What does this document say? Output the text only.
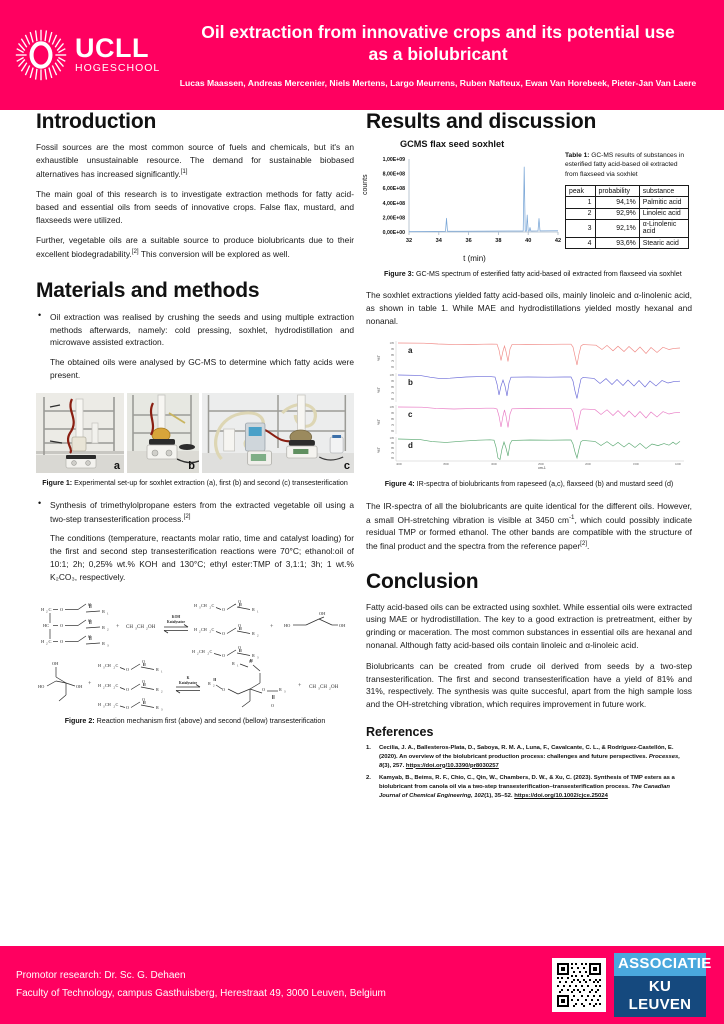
UCLL
HOGESCHOOL
Oil extraction from innovative crops and its potential use as a biolubricant
Lucas Maassen, Andreas Mercenier, Niels Mertens, Largo Meurrens, Ruben Nafteux, Ewan Van Horebeek, Pieter-Jan Van Laere
Introduction

Fossil sources are the most common source of fuels and chemicals, but it's an exhaustible unsustainable resource. The demand for sustainable biobased alternatives has increased significantly.[1]

The main goal of this research is to investigate extraction methods for fatty acid-based and essential oils from seeds of innovative crops. False flax, mustard, and flaxseeds were utilized.

Further, vegetable oils are a suitable source to produce biolubricants due to their excellent biodegradability.[2] This conversion will be explored as well.

Materials and methods

• Oil extraction was realised by crushing the seeds and using multiple extraction methods afterwards, namely: cold pressing, soxhlet, hydrodistillation and microwave assisted extraction.

The obtained oils were analysed by GC-MS to determine which fatty acids were present.

a	b	c
Figure 1: Experimental set-up for soxhlet extraction (a), first (b) and second (c) transesterification

• Synthesis of trimethylolpropane esters from the extracted vegetable oil using a two-step transesterification process.[2]

The conditions (temperature, reactants molar ratio, time and catalyst loading) for the first and second step transesterification reactions were 70°C; ethanol:oil of 10:1; 2h; 0,25% wt.% KOH and 130°C; ethyl ester:TMP of 3,1:1; 3h; 1 wt.% K₂CO₃, respectively.

H 2 C
HC
H 2 C
O
O
O
O
O
O
R 1
R 2
R 3
+ CH 3 CH 2 OH
KOH
Katalysator
H 3 CH 2 C
O
O
R 1
H 2 CH 2 C
O
O
R 2
H 2 CH 2 C
O
O
R 3
+ HO
OH
OH
OH
HO	OH +
H 3 CH 2 C
O
O
R 1
H 2 CH 2 C
O
O
R 2
H 3 CH 2 C
O
O
R 3
K
Katalysator
R 1
O
R 2
O	O	R 3
O
+ CH 3 CH 2 OH
Figure 2: Reaction mechanism first (above) and second (bellow) transesterification
Results and discussion
GCMS flax seed soxhlet
counts
1,00E+09
8,00E+08
6,00E+08
4,00E+08
2,00E+08
0,00E+00
32	34	36	38	40	42
t (min)
Table 1: GC-MS results of substances in esterified fatty acid-based oil extracted from flaxseed via soxhlet
peak	probability	substance
1	94,1%	Palmitic acid
2	92,9%	Linoleic acid
3	92,1%	α-Linolenic acid
4	93,6%	Stearic acid
Figure 3: GC-MS spectrum of esterified fatty acid-based oil extracted from flaxseed via soxhlet

The soxhlet extractions yielded fatty acid-based oils, mainly linoleic and α-linolenic acid, as shown in table 1. While MAE and hydrodistillations yielded mostly hexanal and nonanal.

%T
105
95
85
75
65
a
%T
105
95
85
75
65
b
%T
105
95
85
75
65
c
%T
105
95
85
75
65
d
4000	3500	3000	2500	2000	1500	1000
cm-1
Figure 4: IR-spectra of biolubricants from rapeseed (a,c), flaxseed (b) and mustard seed (d)

The IR-spectra of all the biolubricants are quite identical for the different oils. However, a small OH-stretching vibration is visible at 3450 $cm^{-1}$, which could possibly indicate residual TMP or formed ethanol. The other bands are compatible with the structure of the final product and the spectra from the reference paper[2].

Conclusion

Fatty acid-based oils can be extracted using soxhlet. While essential oils were extracted using MAE or hydrodistillation. The key to a good extraction is pretreatment, either by grinding or maceration. The most common substances in essential oils are hexanal and nonanal. Although fatty acid-based oils contain linoleic and α-linoleic acid.

Biolubricants can be created from crude oil derived from seeds by a two-step transesterification. The first and second transesterification have a yield of 81% and 31%, respectively. The synthesis was quite succesful, apart from the high sample loss and the OH-stretching vibration, which requires improvement in future work.

References
Cecilia, J. A., Ballesteros-Plata, D., Saboya, R. M. A., Luna, F., Cavalcante, C. L., & Rodríguez-Castellón, E. (2020). An overview of the biolubricant production process: challenges and future perspectives. Processes, 8(3), 257. https://doi.org/10.3390/pr8030257
Kamyab, B., Beims, R. F., Chio, C., Qin, W., Chambers, D. W., & Xu, C. (2023). Synthesis of TMP esters as a biolubricant from canola oil via a two-step transesterification–transesterification process. The Canadian Journal of Chemical Engineering, 102(1), 35–52. https://doi.org/10.1002/cjce.25024
Promotor research: Dr. Sc. G. Dehaen
Faculty of Technology, campus Gasthuisberg, Herestraat 49, 3000 Leuven, Belgium
ASSOCIATIE
KU LEUVEN
